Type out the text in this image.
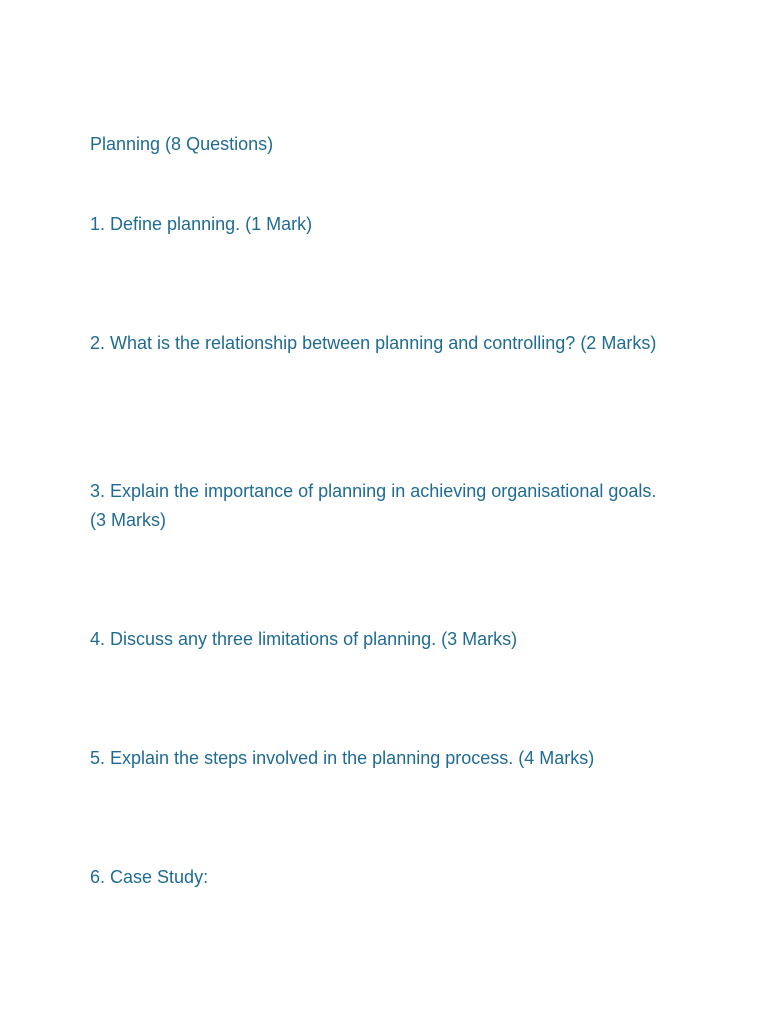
Planning (8 Questions)

1. Define planning. (1 Mark)

2. What is the relationship between planning and controlling? (2 Marks)

3. Explain the importance of planning in achieving organisational goals. (3 Marks)

4. Discuss any three limitations of planning. (3 Marks)

5. Explain the steps involved in the planning process. (4 Marks)

6. Case Study:
